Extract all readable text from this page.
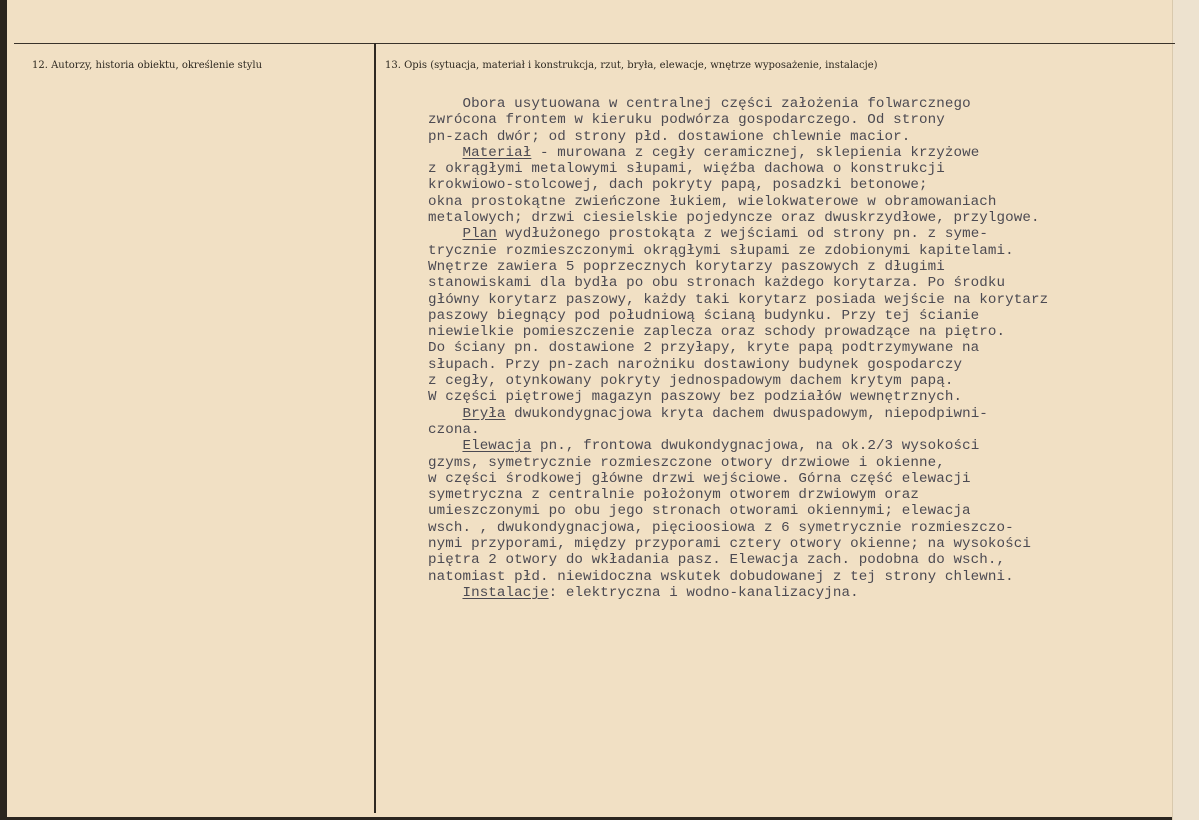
12. Autorzy, historia obiektu, określenie stylu	13. Opis (sytuacja, materiał i konstrukcja, rzut, bryła, elewacje, wnętrze wyposażenie, instalacje)
Obora usytuowana w centralnej części założenia folwarcznego
zwrócona frontem w kieruku podwórza gospodarczego. Od strony
pn-zach dwór; od strony płd. dostawione chlewnie macior.
Materiał - murowana z cegły ceramicznej, sklepienia krzyżowe
z okrągłymi metalowymi słupami, więźba dachowa o konstrukcji
krokwiowo-stolcowej, dach pokryty papą, posadzki betonowe;
okna prostokątne zwieńczone łukiem, wielokwaterowe w obramowaniach
metalowych; drzwi ciesielskie pojedyncze oraz dwuskrzydłowe, przylgowe.
Plan wydłużonego prostokąta z wejściami od strony pn. z syme-
trycznie rozmieszczonymi okrągłymi słupami ze zdobionymi kapitelami.
Wnętrze zawiera 5 poprzecznych korytarzy paszowych z długimi
stanowiskami dla bydła po obu stronach każdego korytarza. Po środku
główny korytarz paszowy, każdy taki korytarz posiada wejście na korytarz
paszowy biegnący pod południową ścianą budynku. Przy tej ścianie
niewielkie pomieszczenie zaplecza oraz schody prowadzące na piętro.
Do ściany pn. dostawione 2 przyłapy, kryte papą podtrzymywane na
słupach. Przy pn-zach narożniku dostawiony budynek gospodarczy
z cegły, otynkowany pokryty jednospadowym dachem krytym papą.
W części piętrowej magazyn paszowy bez podziałów wewnętrznych.
Bryła dwukondygnacjowa kryta dachem dwuspadowym, niepodpiwni-
czona.
Elewacja pn., frontowa dwukondygnacjowa, na ok.2/3 wysokości
gzyms, symetrycznie rozmieszczone otwory drzwiowe i okienne,
w części środkowej główne drzwi wejściowe. Górna część elewacji
symetryczna z centralnie położonym otworem drzwiowym oraz
umieszczonymi po obu jego stronach otworami okiennymi; elewacja
wsch. , dwukondygnacjowa, pięcioosiowa z 6 symetrycznie rozmieszczo-
nymi przyporami, między przyporami cztery otwory okienne; na wysokości
piętra 2 otwory do wkładania pasz. Elewacja zach. podobna do wsch.,
natomiast płd. niewidoczna wskutek dobudowanej z tej strony chlewni.
Instalacje: elektryczna i wodno-kanalizacyjna.
